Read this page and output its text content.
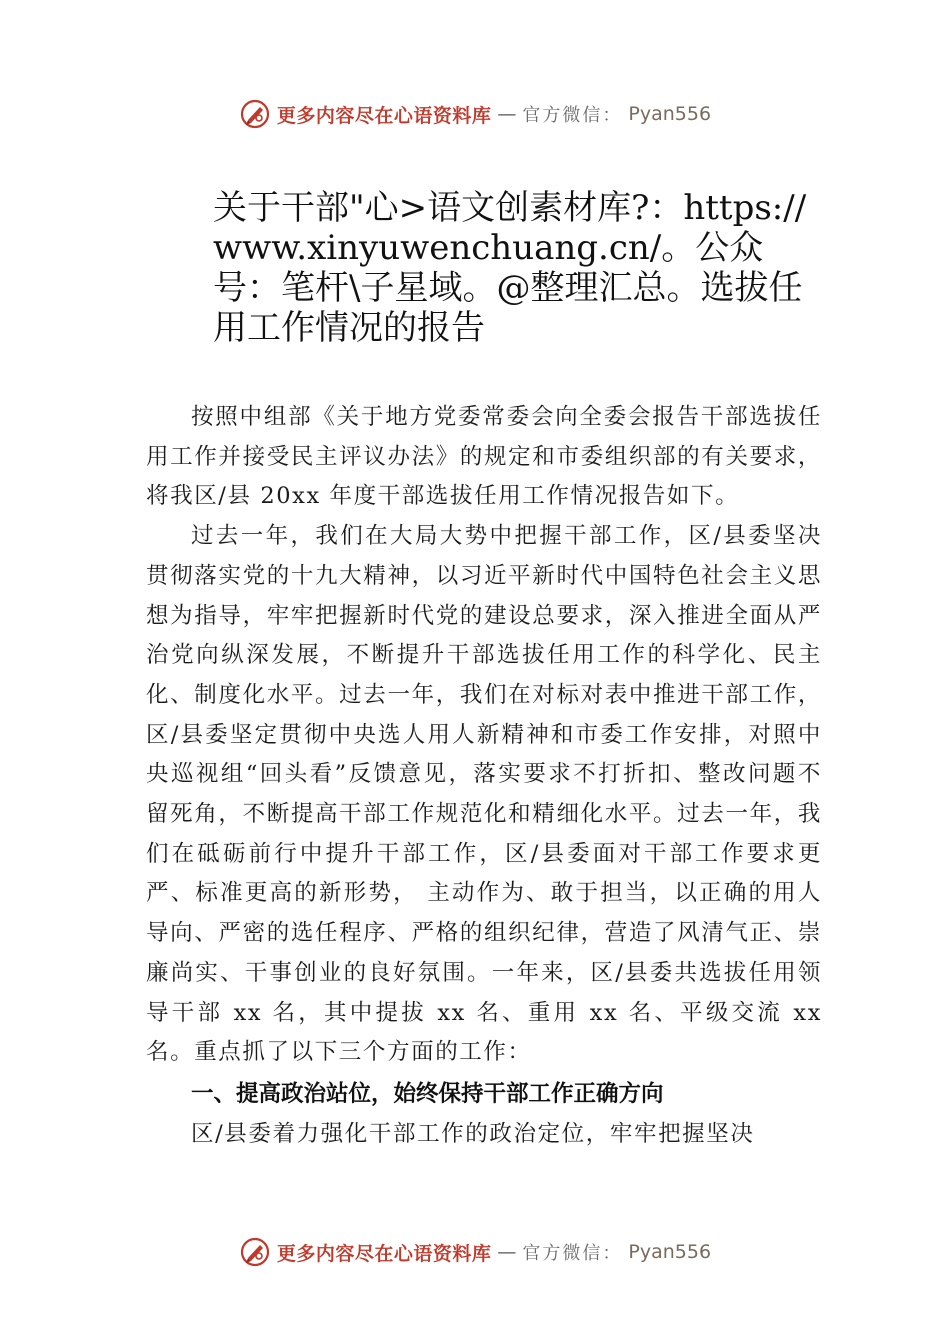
更多内容尽在心语资料库 — 官方微信： Pyan556
关于干部"心>语文创素材库?：https://www.xinyuwenchuang.cn/。公众号：笔杆\子星域。@整理汇总。选拔任用工作情况的报告

按照中组部《关于地方党委常委会向全委会报告干部选拔任用工作并接受民主评议办法》的规定和市委组织部的有关要求，将我区/县 20xx 年度干部选拔任用工作情况报告如下。

过去一年，我们在大局大势中把握干部工作，区/县委坚决贯彻落实党的十九大精神，以习近平新时代中国特色社会主义思想为指导，牢牢把握新时代党的建设总要求，深入推进全面从严治党向纵深发展，不断提升干部选拔任用工作的科学化、民主化、制度化水平。过去一年，我们在对标对表中推进干部工作，区/县委坚定贯彻中央选人用人新精神和市委工作安排，对照中央巡视组“回头看”反馈意见，落实要求不打折扣、整改问题不留死角，不断提高干部工作规范化和精细化水平。过去一年，我们在砥砺前行中提升干部工作，区/县委面对干部工作要求更严、标准更高的新形势， 主动作为、敢于担当，以正确的用人导向、严密的选任程序、严格的组织纪律，营造了风清气正、崇廉尚实、干事创业的良好氛围。一年来，区/县委共选拔任用领导干部 xx 名，其中提拔 xx 名、重用 xx 名、平级交流 xx 名。重点抓了以下三个方面的工作：

一、提高政治站位，始终保持干部工作正确方向

区/县委着力强化干部工作的政治定位，牢牢把握坚决

更多内容尽在心语资料库 — 官方微信： Pyan556
